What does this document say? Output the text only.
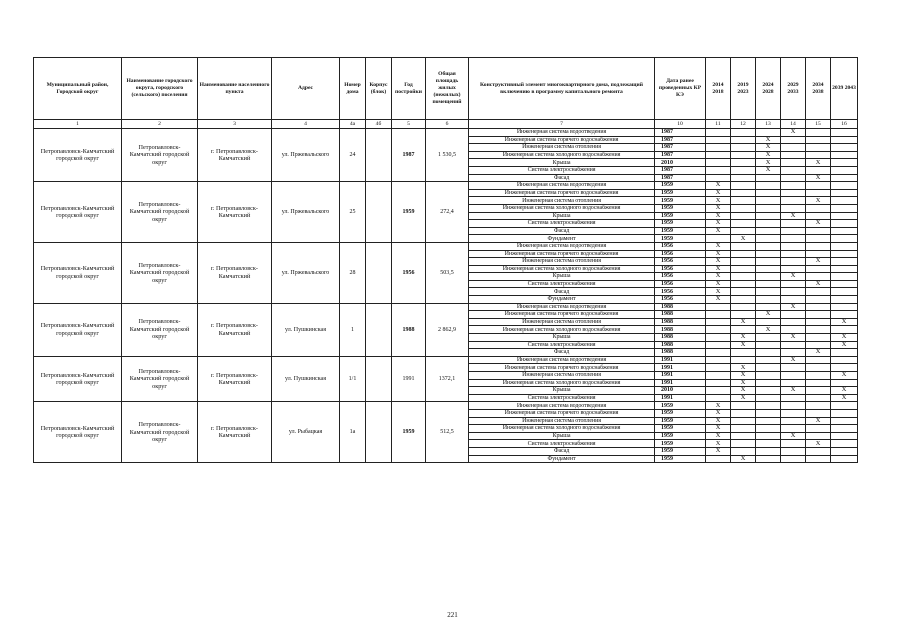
Муниципальный район, Городской округ	Наименование городского округа, городского (сельского) поселения	Наименование населенного пункта	Адрес	Номер дома	Корпус (блок)	Год постройки	Общая площадь жилых (нежилых) помещений	Конструктивный элемент многоквартирного дома, подлежащий включению в программу капитального ремонта	Дата ранее проведенных КР КЭ	2014 2018	2019 2023	2024 2028	2029 2033	2034 2038	2039 2043
1	2	3	4	4а	4б	5	6	7	10	11	12	13	14	15	16
Петропавловск-Камчатский городской округ	Петропавловск-Камчатский городской округ	г. Петропавловск-Камчатский	ул. Пржевальского	24		1987	1 530,5	Инженерная система водоотведения	1987				X		
								Инженерная система горячего водоснабжения	1987			X			
								Инженерная система отопления	1987			X			
								Инженерная система холодного водоснабжения	1987			X			
								Крыша	2010			X		X	
								Система электроснабжения	1987			X			
								Фасад	1987					X	
Петропавловск-Камчатский городской округ	Петропавловск-Камчатский городской округ	г. Петропавловск-Камчатский	ул. Пржевальского	25		1959	272,4	Инженерная система водоотведения	1959	X					
								Инженерная система горячего водоснабжения	1959	X					
								Инженерная система отопления	1959	X				X	
								Инженерная система холодного водоснабжения	1959	X					
								Крыша	1959	X			X		
								Система электроснабжения	1959	X				X	
								Фасад	1959	X					
								Фундамент	1959		X				
Петропавловск-Камчатский городской округ	Петропавловск-Камчатский городской округ	г. Петропавловск-Камчатский	ул. Пржевальского	28		1956	503,5	Инженерная система водоотведения	1956	X					
								Инженерная система горячего водоснабжения	1956	X					
								Инженерная система отопления	1956	X				X	
								Инженерная система холодного водоснабжения	1956	X					
								Крыша	1956	X			X		
								Система электроснабжения	1956	X				X	
								Фасад	1956	X					
								Фундамент	1956	X					
Петропавловск-Камчатский городской округ	Петропавловск-Камчатский городской округ	г. Петропавловск-Камчатский	ул. Пушкинская	1		1988	2 862,9	Инженерная система водоотведения	1988				X		
								Инженерная система горячего водоснабжения	1988			X			
								Инженерная система отопления	1988		X				X
								Инженерная система холодного водоснабжения	1988			X			
								Крыша	1988		X		X		X
								Система электроснабжения	1988		X				X
								Фасад	1988					X	
Петропавловск-Камчатский городской округ	Петропавловск-Камчатский городской округ	г. Петропавловск-Камчатский	ул. Пушкинская	1/1		1991	1372,1	Инженерная система водоотведения	1991				X		
								Инженерная система горячего водоснабжения	1991		X				
								Инженерная система отопления	1991		X				X
								Инженерная система холодного водоснабжения	1991		X				
								Крыша	2010		X		X		X
								Система электроснабжения	1991		X				X
Петропавловск-Камчатский городской округ	Петропавловск-Камчатский городской округ	г. Петропавловск-Камчатский	ул. Рыбацкая	1а		1959	512,5	Инженерная система водоотведения	1959	X					
								Инженерная система горячего водоснабжения	1959	X					
								Инженерная система отопления	1959	X				X	
								Инженерная система холодного водоснабжения	1959	X					
								Крыша	1959	X			X		
								Система электроснабжения	1959	X				X	
								Фасад	1959	X					
								Фундамент	1959		X				
221
